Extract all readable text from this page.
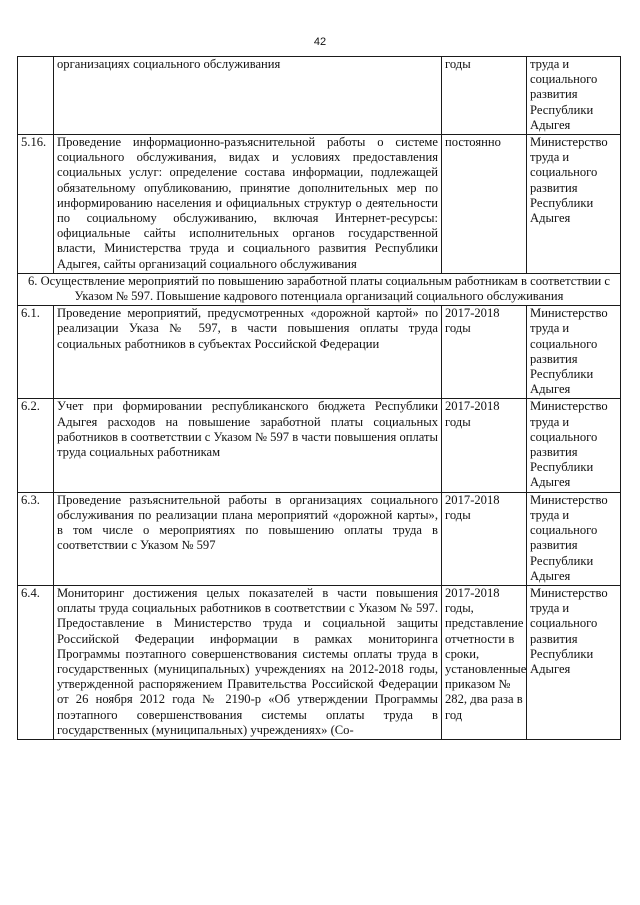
42
	организациях социального обслуживания	годы	труда и социального развития Республики Адыгея
5.16.	Проведение информационно-разъяснительной работы о системе социального обслуживания, видах и условиях предоставления социальных услуг: определение состава информации, подлежащей обязательному опубликованию, принятие дополнительных мер по информированию населения и официальных структур о деятельности по социальному обслуживанию, включая Интернет-ресурсы: официальные сайты исполнительных органов государственной власти, Министерства труда и социального развития Республики Адыгея, сайты организаций социального обслуживания	постоянно	Министерство труда и социального развития Республики Адыгея
6. Осуществление мероприятий по повышению заработной платы социальным работникам в соответствии с Указом № 597. Повышение кадрового потенциала организаций социального обслуживания			
6.1.	Проведение мероприятий, предусмотренных «дорожной картой» по реализации Указа № 597, в части повышения оплаты труда социальных работников в субъектах Российской Федерации	2017-2018 годы	Министерство труда и социального развития Республики Адыгея
6.2.	Учет при формировании республиканского бюджета Республики Адыгея расходов на повышение заработной платы социальных работников в соответствии с Указом № 597 в части повышения оплаты труда социальных работникам	2017-2018 годы	Министерство труда и социального развития Республики Адыгея
6.3.	Проведение разъяснительной работы в организациях социального обслуживания по реализации плана мероприятий «дорожной карты», в том числе о мероприятиях по повышению оплаты труда в соответствии с Указом № 597	2017-2018 годы	Министерство труда и социального развития Республики Адыгея
6.4.	Мониторинг достижения целых показателей в части повышения оплаты труда социальных работников в соответствии с Указом № 597. Предоставление в Министерство труда и социальной защиты Российской Федерации информации в рамках мониторинга Программы поэтапного совершенствования системы оплаты труда в государственных (муниципальных) учреждениях на 2012-2018 годы, утвержденной распоряжением Правительства Российской Федерации от 26 ноября 2012 года № 2190-р «Об утверждении Программы поэтапного совершенствования системы оплаты труда в государственных (муниципальных) учреждениях» (Со-	2017-2018 годы, представление отчетности в сроки, установленные приказом № 282, два раза в год	Министерство труда и социального развития Республики Адыгея
